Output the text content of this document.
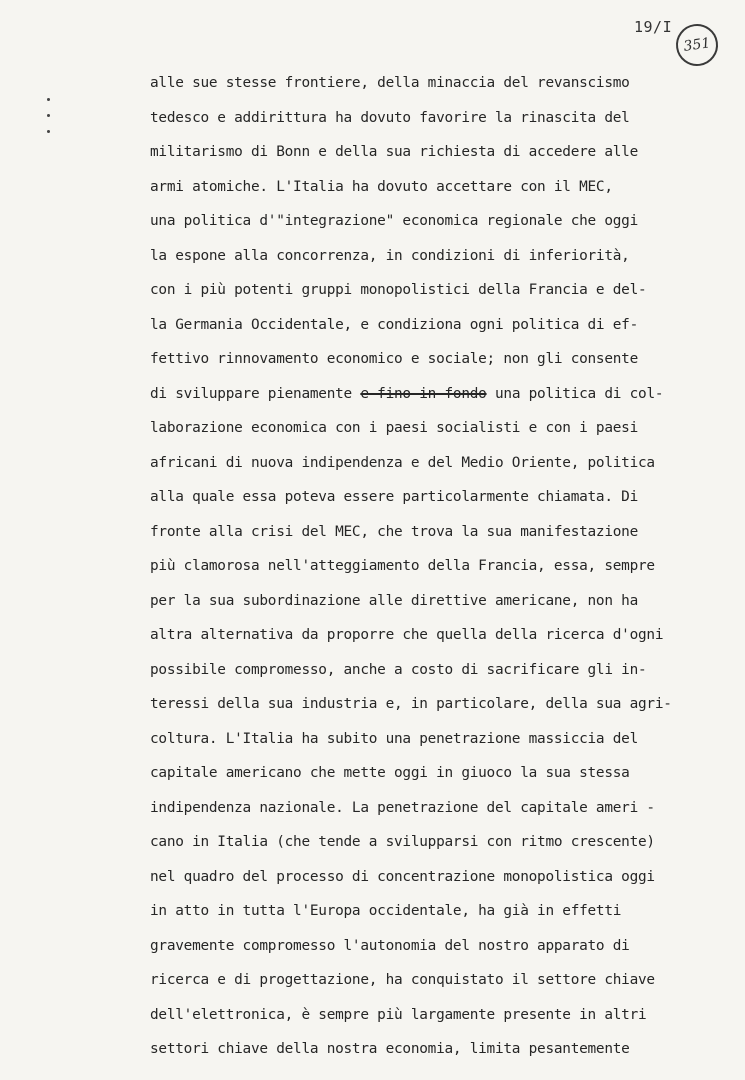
19/I
351
alle sue stesse frontiere, della minaccia del revanscismo
tedesco e addirittura ha dovuto favorire la rinascita del
militarismo di Bonn e della sua richiesta di accedere alle
armi atomiche. L'Italia ha dovuto accettare con il MEC,
una politica d'"integrazione" economica regionale che oggi
la espone alla concorrenza, in condizioni di inferiorità,
con i più potenti gruppi monopolistici della Francia e del-
la Germania Occidentale, e condiziona ogni politica di ef-
fettivo rinnovamento economico e sociale; non gli consente
di sviluppare pienamente e fino in fondo una politica di col-
laborazione economica con i paesi socialisti e con i paesi
africani di nuova indipendenza e del Medio Oriente, politica
alla quale essa poteva essere particolarmente chiamata. Di
fronte alla crisi del MEC, che trova la sua manifestazione
più clamorosa nell'atteggiamento della Francia, essa, sempre
per la sua subordinazione alle direttive americane, non ha
altra alternativa da proporre che quella della ricerca d'ogni
possibile compromesso, anche a costo di sacrificare gli in-
teressi della sua industria e, in particolare, della sua agri-
coltura. L'Italia ha subito una penetrazione massiccia del
capitale americano che mette oggi in giuoco la sua stessa
indipendenza nazionale. La penetrazione del capitale ameri -
cano in Italia (che tende a svilupparsi con ritmo crescente)
nel quadro del processo di concentrazione monopolistica oggi
in atto in tutta l'Europa occidentale, ha già in effetti
gravemente compromesso l'autonomia del nostro apparato di
ricerca e di progettazione, ha conquistato il settore chiave
dell'elettronica, è sempre più largamente presente in altri
settori chiave della nostra economia, limita pesantemente
